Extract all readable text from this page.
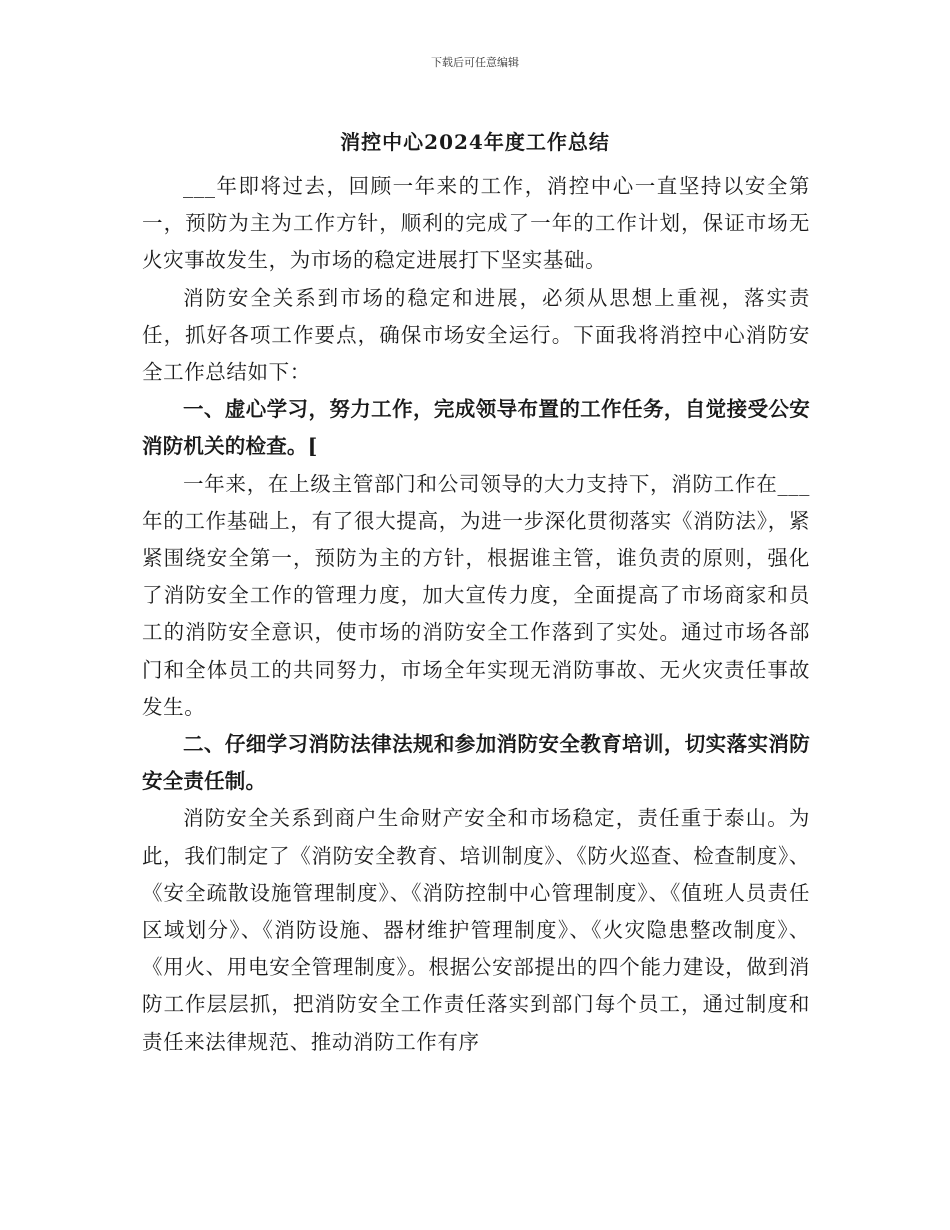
下载后可任意编辑
消控中心2024年度工作总结

___年即将过去，回顾一年来的工作，消控中心一直坚持以安全第一，预防为主为工作方针，顺利的完成了一年的工作计划，保证市场无火灾事故发生，为市场的稳定进展打下坚实基础。

消防安全关系到市场的稳定和进展，必须从思想上重视，落实责任，抓好各项工作要点，确保市场安全运行。下面我将消控中心消防安全工作总结如下：

一、虚心学习，努力工作，完成领导布置的工作任务，自觉接受公安消防机关的检查。[

一年来，在上级主管部门和公司领导的大力支持下，消防工作在___年的工作基础上，有了很大提高，为进一步深化贯彻落实《消防法》，紧紧围绕安全第一，预防为主的方针，根据谁主管，谁负责的原则，强化了消防安全工作的管理力度，加大宣传力度，全面提高了市场商家和员工的消防安全意识，使市场的消防安全工作落到了实处。通过市场各部门和全体员工的共同努力，市场全年实现无消防事故、无火灾责任事故发生。

二、仔细学习消防法律法规和参加消防安全教育培训，切实落实消防安全责任制。

消防安全关系到商户生命财产安全和市场稳定，责任重于泰山。为此，我们制定了《消防安全教育、培训制度》、《防火巡查、检查制度》、《安全疏散设施管理制度》、《消防控制中心管理制度》、《值班人员责任区域划分》、《消防设施、器材维护管理制度》、《火灾隐患整改制度》、《用火、用电安全管理制度》。根据公安部提出的四个能力建设，做到消防工作层层抓，把消防安全工作责任落实到部门每个员工，通过制度和责任来法律规范、推动消防工作有序
